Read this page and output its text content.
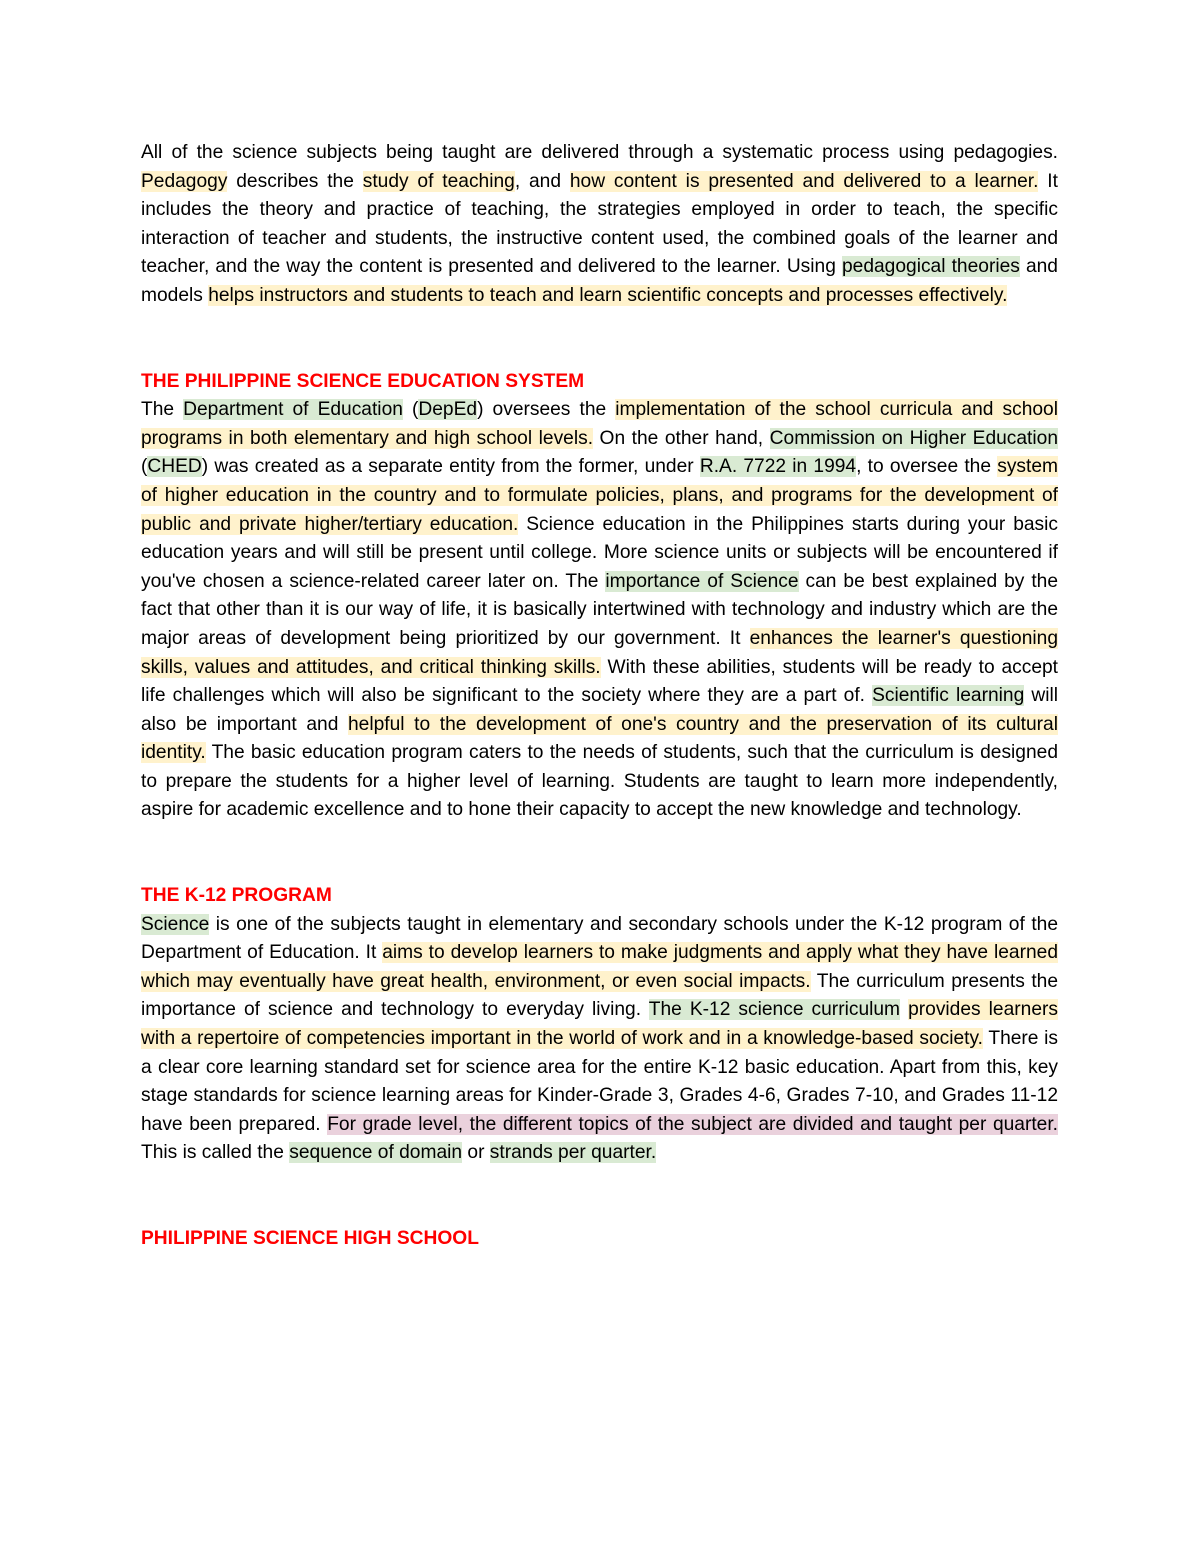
All of the science subjects being taught are delivered through a systematic process using pedagogies. Pedagogy describes the study of teaching, and how content is presented and delivered to a learner. It includes the theory and practice of teaching, the strategies employed in order to teach, the specific interaction of teacher and students, the instructive content used, the combined goals of the learner and teacher, and the way the content is presented and delivered to the learner. Using pedagogical theories and models helps instructors and students to teach and learn scientific concepts and processes effectively.

THE PHILIPPINE SCIENCE EDUCATION SYSTEM

The Department of Education (DepEd) oversees the implementation of the school curricula and school programs in both elementary and high school levels. On the other hand, Commission on Higher Education (CHED) was created as a separate entity from the former, under R.A. 7722 in 1994, to oversee the system of higher education in the country and to formulate policies, plans, and programs for the development of public and private higher/tertiary education. Science education in the Philippines starts during your basic education years and will still be present until college. More science units or subjects will be encountered if you've chosen a science-related career later on. The importance of Science can be best explained by the fact that other than it is our way of life, it is basically intertwined with technology and industry which are the major areas of development being prioritized by our government. It enhances the learner's questioning skills, values and attitudes, and critical thinking skills. With these abilities, students will be ready to accept life challenges which will also be significant to the society where they are a part of. Scientific learning will also be important and helpful to the development of one's country and the preservation of its cultural identity. The basic education program caters to the needs of students, such that the curriculum is designed to prepare the students for a higher level of learning. Students are taught to learn more independently, aspire for academic excellence and to hone their capacity to accept the new knowledge and technology.

THE K-12 PROGRAM

Science is one of the subjects taught in elementary and secondary schools under the K-12 program of the Department of Education. It aims to develop learners to make judgments and apply what they have learned which may eventually have great health, environment, or even social impacts. The curriculum presents the importance of science and technology to everyday living. The K-12 science curriculum provides learners with a repertoire of competencies important in the world of work and in a knowledge-based society. There is a clear core learning standard set for science area for the entire K-12 basic education. Apart from this, key stage standards for science learning areas for Kinder-Grade 3, Grades 4-6, Grades 7-10, and Grades 11-12 have been prepared. For grade level, the different topics of the subject are divided and taught per quarter. This is called the sequence of domain or strands per quarter.

PHILIPPINE SCIENCE HIGH SCHOOL
